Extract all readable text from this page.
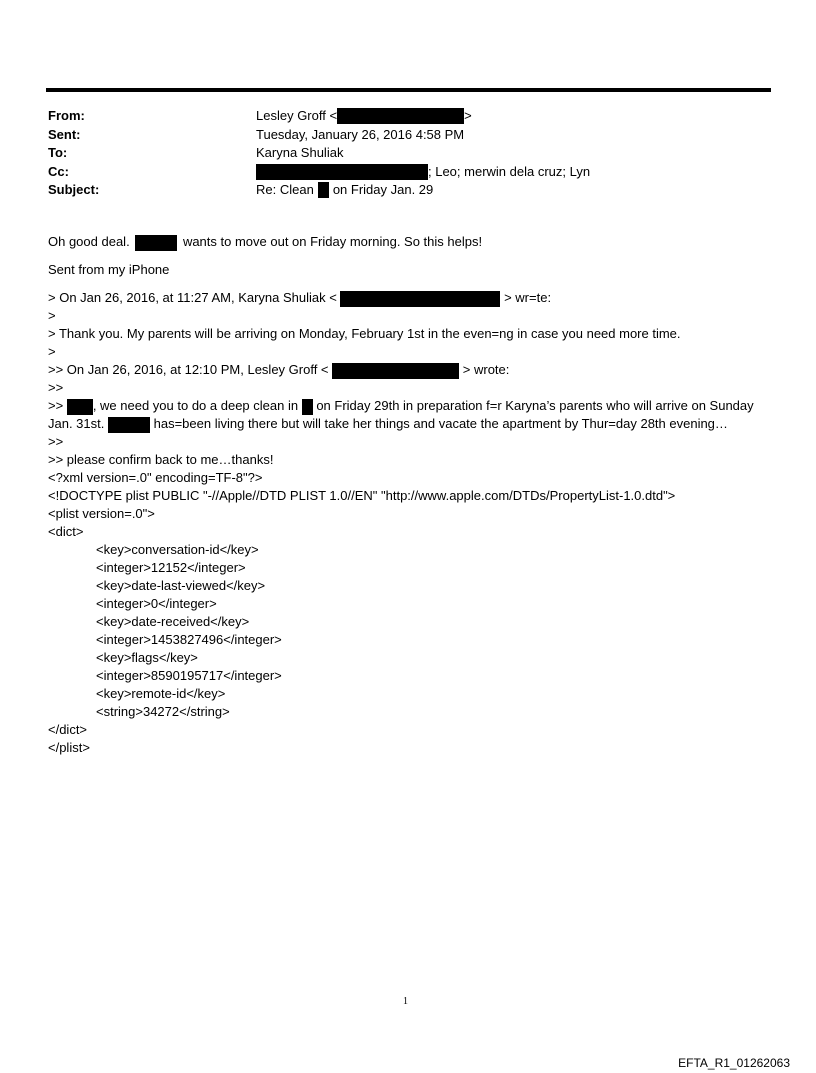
From:	Lesley Groff <	>
Sent:	Tuesday, January 26, 2016 4:58 PM
To:	Karyna Shuliak
Cc:	; Leo; merwin dela cruz; Lyn
Subject:	Re: Clean on Friday Jan. 29
Oh good deal.	wants to move out on Friday morning. So this helps!
Sent from my iPhone
> On Jan 26, 2016, at 11:27 AM, Karyna Shuliak <	> wr=te:
>
> Thank you. My parents will be arriving on Monday, February 1st in the even=ng in case you need more time.
>
>> On Jan 26, 2016, at 12:10 PM, Lesley Groff <	> wrote:
>>
>> , we need you to do a deep clean in on Friday 29th in preparation f=r Karyna’s parents who will arrive on Sunday Jan. 31st.	has=been living there but will take her things and vacate the apartment by Thur=day 28th evening…
>>
>> please confirm back to me…thanks!
<?xml version=.0" encoding=TF-8"?>
<!DOCTYPE plist PUBLIC "-//Apple//DTD PLIST 1.0//EN" "http://www.apple.com/DTDs/PropertyList-1.0.dtd">
<plist version=.0">
<dict>
<key>conversation-id</key>
<integer>12152</integer>
<key>date-last-viewed</key>
<integer>0</integer>
<key>date-received</key>
<integer>1453827496</integer>
<key>flags</key>
<integer>8590195717</integer>
<key>remote-id</key>
<string>34272</string>
</dict>
</plist>
1
EFTA_R1_01262063
